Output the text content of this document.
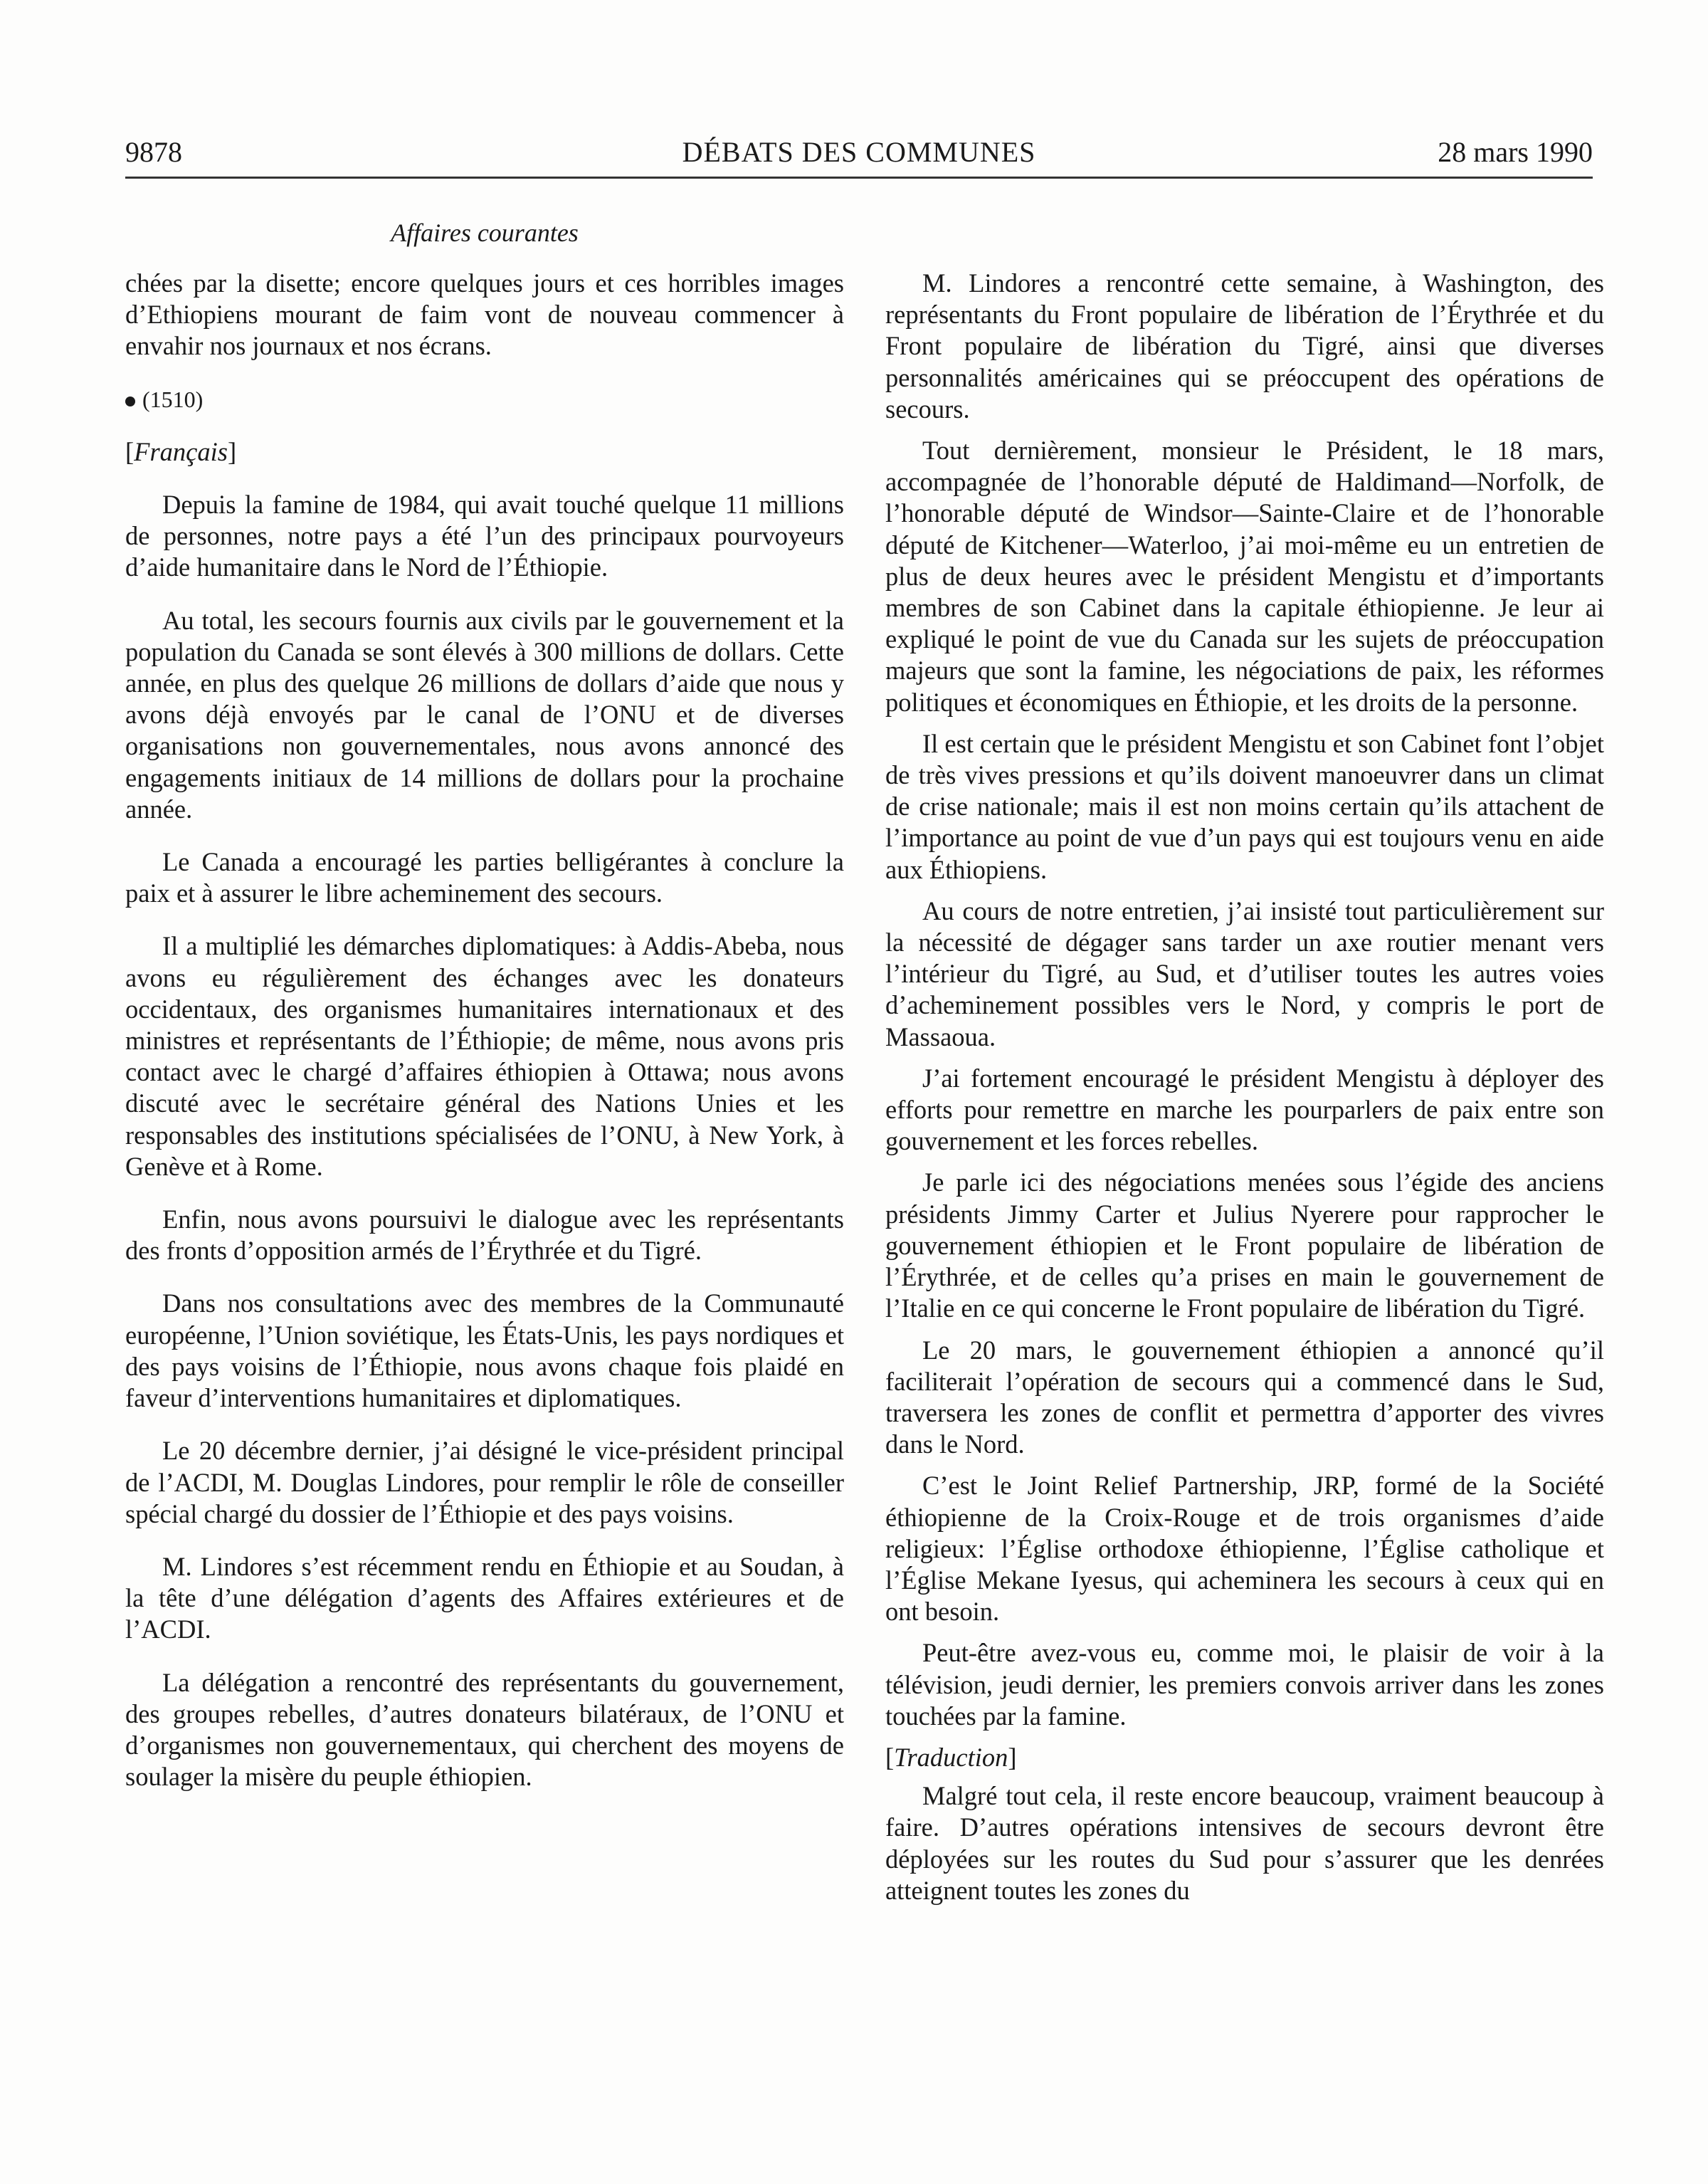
9878	DÉBATS DES COMMUNES	28 mars 1990
Affaires courantes

chées par la disette; encore quelques jours et ces horribles images d’Ethiopiens mourant de faim vont de nouveau commencer à envahir nos journaux et nos écrans.

(1510)
[Français]

Depuis la famine de 1984, qui avait touché quelque 11 millions de personnes, notre pays a été l’un des principaux pourvoyeurs d’aide humanitaire dans le Nord de l’Éthiopie.

Au total, les secours fournis aux civils par le gouvernement et la population du Canada se sont élevés à 300 millions de dollars. Cette année, en plus des quelque 26 millions de dollars d’aide que nous y avons déjà envoyés par le canal de l’ONU et de diverses organisations non gouvernementales, nous avons annoncé des engagements initiaux de 14 millions de dollars pour la prochaine année.

Le Canada a encouragé les parties belligérantes à conclure la paix et à assurer le libre acheminement des secours.

Il a multiplié les démarches diplomatiques: à Addis-Abeba, nous avons eu régulièrement des échanges avec les donateurs occidentaux, des organismes humanitaires internationaux et des ministres et représentants de l’Éthiopie; de même, nous avons pris contact avec le chargé d’affaires éthiopien à Ottawa; nous avons discuté avec le secrétaire général des Nations Unies et les responsables des institutions spécialisées de l’ONU, à New York, à Genève et à Rome.

Enfin, nous avons poursuivi le dialogue avec les représentants des fronts d’opposition armés de l’Érythrée et du Tigré.

Dans nos consultations avec des membres de la Communauté européenne, l’Union soviétique, les États-Unis, les pays nordiques et des pays voisins de l’Éthiopie, nous avons chaque fois plaidé en faveur d’interventions humanitaires et diplomatiques.

Le 20 décembre dernier, j’ai désigné le vice-président principal de l’ACDI, M. Douglas Lindores, pour remplir le rôle de conseiller spécial chargé du dossier de l’Éthiopie et des pays voisins.

M. Lindores s’est récemment rendu en Éthiopie et au Soudan, à la tête d’une délégation d’agents des Affaires extérieures et de l’ACDI.

La délégation a rencontré des représentants du gouvernement, des groupes rebelles, d’autres donateurs bilatéraux, de l’ONU et d’organismes non gouvernementaux, qui cherchent des moyens de soulager la misère du peuple éthiopien.

M. Lindores a rencontré cette semaine, à Washington, des représentants du Front populaire de libération de l’Érythrée et du Front populaire de libération du Tigré, ainsi que diverses personnalités américaines qui se préoccupent des opérations de secours.

Tout dernièrement, monsieur le Président, le 18 mars, accompagnée de l’honorable député de Haldimand—Norfolk, de l’honorable député de Windsor—Sainte-Claire et de l’honorable député de Kitchener—Waterloo, j’ai moi-même eu un entretien de plus de deux heures avec le président Mengistu et d’importants membres de son Cabinet dans la capitale éthiopienne. Je leur ai expliqué le point de vue du Canada sur les sujets de préoccupation majeurs que sont la famine, les négociations de paix, les réformes politiques et économiques en Éthiopie, et les droits de la personne.

Il est certain que le président Mengistu et son Cabinet font l’objet de très vives pressions et qu’ils doivent manoeuvrer dans un climat de crise nationale; mais il est non moins certain qu’ils attachent de l’importance au point de vue d’un pays qui est toujours venu en aide aux Éthiopiens.

Au cours de notre entretien, j’ai insisté tout particulièrement sur la nécessité de dégager sans tarder un axe routier menant vers l’intérieur du Tigré, au Sud, et d’utiliser toutes les autres voies d’acheminement possibles vers le Nord, y compris le port de Massaoua.

J’ai fortement encouragé le président Mengistu à déployer des efforts pour remettre en marche les pourparlers de paix entre son gouvernement et les forces rebelles.

Je parle ici des négociations menées sous l’égide des anciens présidents Jimmy Carter et Julius Nyerere pour rapprocher le gouvernement éthiopien et le Front populaire de libération de l’Érythrée, et de celles qu’a prises en main le gouvernement de l’Italie en ce qui concerne le Front populaire de libération du Tigré.

Le 20 mars, le gouvernement éthiopien a annoncé qu’il faciliterait l’opération de secours qui a commencé dans le Sud, traversera les zones de conflit et permettra d’apporter des vivres dans le Nord.

C’est le Joint Relief Partnership, JRP, formé de la Société éthiopienne de la Croix-Rouge et de trois organismes d’aide religieux: l’Église orthodoxe éthiopienne, l’Église catholique et l’Église Mekane Iyesus, qui acheminera les secours à ceux qui en ont besoin.

Peut-être avez-vous eu, comme moi, le plaisir de voir à la télévision, jeudi dernier, les premiers convois arriver dans les zones touchées par la famine.

[Traduction]

Malgré tout cela, il reste encore beaucoup, vraiment beaucoup à faire. D’autres opérations intensives de secours devront être déployées sur les routes du Sud pour s’assurer que les denrées atteignent toutes les zones du
